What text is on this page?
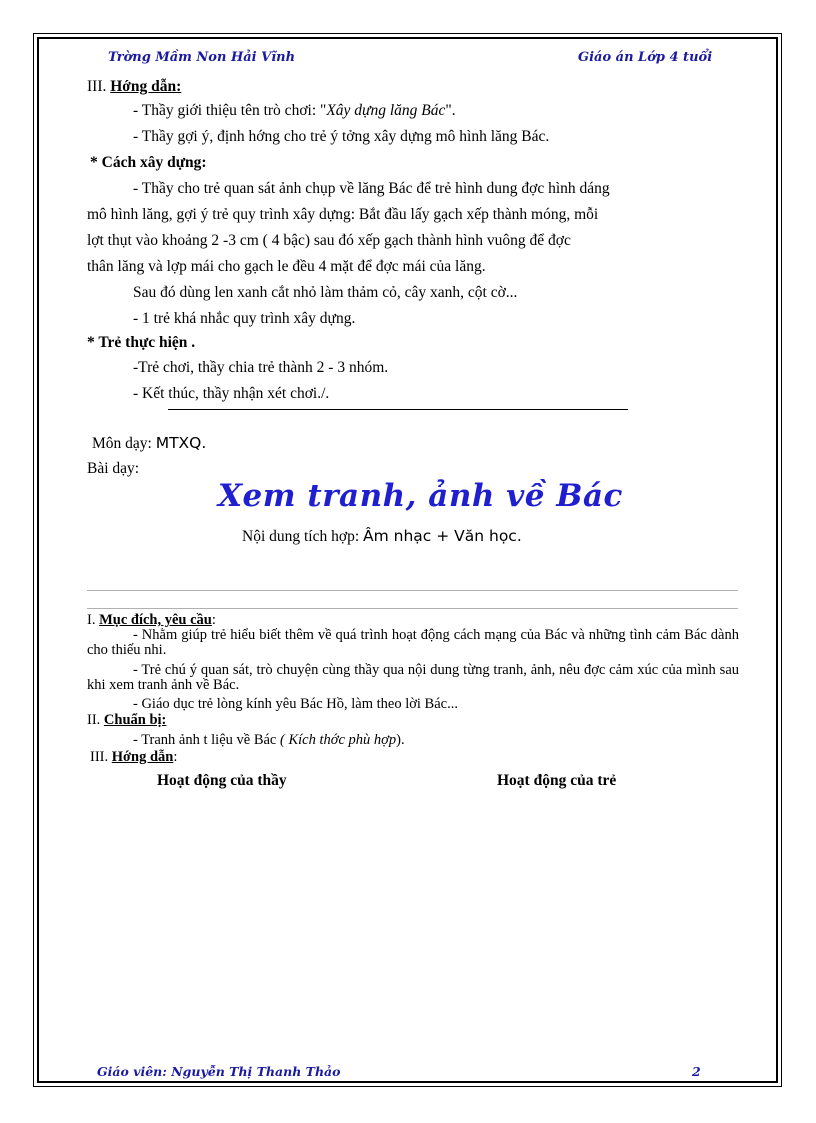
Trờng Mầm Non Hải Vĩnh	Giáo án Lớp 4 tuổi
III. Hớng dẫn:
- Thầy giới thiệu tên trò chơi: "Xây dựng lăng Bác".
- Thầy gợi ý, định hớng cho trẻ ý tởng xây dựng mô hình lăng Bác.
* Cách xây dựng:
- Thầy cho trẻ quan sát ảnh chụp về lăng Bác để trẻ hình dung đợc hình dáng
mô hình lăng, gợi ý trẻ quy trình xây dựng: Bắt đầu lấy gạch xếp thành móng, mỗi
lợt thụt vào khoảng 2 -3 cm ( 4 bậc) sau đó xếp gạch thành hình vuông để đợc
thân lăng và lợp mái cho gạch le đều 4 mặt để đợc mái của lăng.
Sau đó dùng len xanh cắt nhỏ làm thảm cỏ, cây xanh, cột cờ...
- 1 trẻ khá nhắc quy trình xây dựng.
* Trẻ thực hiện .
-Trẻ chơi, thầy chia trẻ thành 2 - 3 nhóm.
- Kết thúc, thầy nhận xét chơi./.
Môn dạy: MTXQ.
Bài dạy:
Xem tranh, ảnh về Bác
Nội dung tích hợp: Âm nhạc + Văn học.
I. Mục đích, yêu cầu:
- Nhằm giúp trẻ hiểu biết thêm về quá trình hoạt động cách mạng của Bác và những tình cảm Bác dành cho thiếu nhi.
- Trẻ chú ý quan sát, trò chuyện cùng thầy qua nội dung từng tranh, ảnh, nêu đợc cảm xúc của mình sau khi xem tranh ảnh về Bác.
- Giáo dục trẻ lòng kính yêu Bác Hồ, làm theo lời Bác...
II. Chuẩn bị:
- Tranh ảnh t liệu về Bác ( Kích thớc phù hợp).
III. Hớng dẫn:
Hoạt động của thầy	Hoạt động của trẻ
Giáo viên: Nguyễn Thị Thanh Thảo	2
